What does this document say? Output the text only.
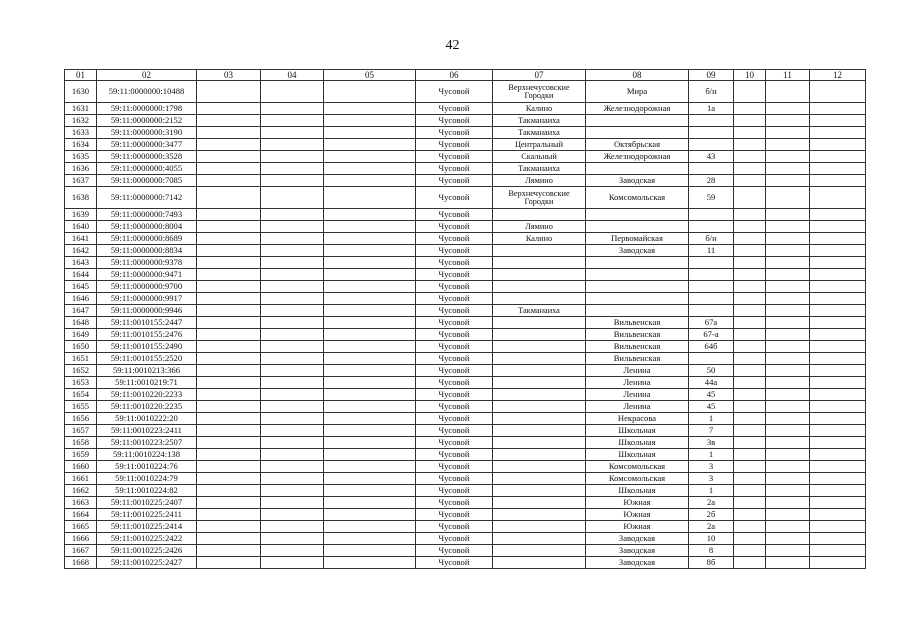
42
01	02	03	04	05	06	07	08	09	10	11	12
1630	59:11:0000000:10488				Чусовой	Верхнечусовские Городки	Мира	б/н			
1631	59:11:0000000:1798				Чусовой	Калино	Железнодорожная	1а			
1632	59:11:0000000:2152				Чусовой	Такманаиха					
1633	59:11:0000000:3190				Чусовой	Такманаиха					
1634	59:11:0000000:3477				Чусовой	Центральный	Октябрьская				
1635	59:11:0000000:3528				Чусовой	Скальный	Железнодорожная	43			
1636	59:11:0000000:4055				Чусовой	Такманаиха					
1637	59:11:0000000:7085				Чусовой	Лямино	Заводская	28			
1638	59:11:0000000:7142				Чусовой	Верхнечусовские Городки	Комсомольская	59			
1639	59:11:0000000:7493				Чусовой						
1640	59:11:0000000:8004				Чусовой	Лямино					
1641	59:11:0000000:8689				Чусовой	Калино	Первомайская	б/н			
1642	59:11:0000000:8834				Чусовой		Заводская	11			
1643	59:11:0000000:9378				Чусовой						
1644	59:11:0000000:9471				Чусовой						
1645	59:11:0000000:9700				Чусовой						
1646	59:11:0000000:9917				Чусовой						
1647	59:11:0000000:9946				Чусовой	Такманаиха					
1648	59:11:0010155:2447				Чусовой		Вильвенская	67а			
1649	59:11:0010155:2476				Чусовой		Вильвенская	67-а			
1650	59:11:0010155:2490				Чусовой		Вильвенская	64б			
1651	59:11:0010155:2520				Чусовой		Вильвенская				
1652	59:11:0010213:366				Чусовой		Ленина	50			
1653	59:11:0010219:71				Чусовой		Ленина	44а			
1654	59:11:0010220:2233				Чусовой		Ленина	45			
1655	59:11:0010220:2235				Чусовой		Ленина	45			
1656	59:11:0010222:20				Чусовой		Некрасова	1			
1657	59:11:0010223:2411				Чусовой		Школьная	7			
1658	59:11:0010223:2507				Чусовой		Школьная	3в			
1659	59:11:0010224:138				Чусовой		Школьная	1			
1660	59:11:0010224:76				Чусовой		Комсомольская	3			
1661	59:11:0010224:79				Чусовой		Комсомольская	3			
1662	59:11:0010224:82				Чусовой		Школьная	1			
1663	59:11:0010225:2407				Чусовой		Южная	2а			
1664	59:11:0010225:2411				Чусовой		Южная	2б			
1665	59:11:0010225:2414				Чусовой		Южная	2а			
1666	59:11:0010225:2422				Чусовой		Заводская	10			
1667	59:11:0010225:2426				Чусовой		Заводская	8			
1668	59:11:0010225:2427				Чусовой		Заводская	8б			
